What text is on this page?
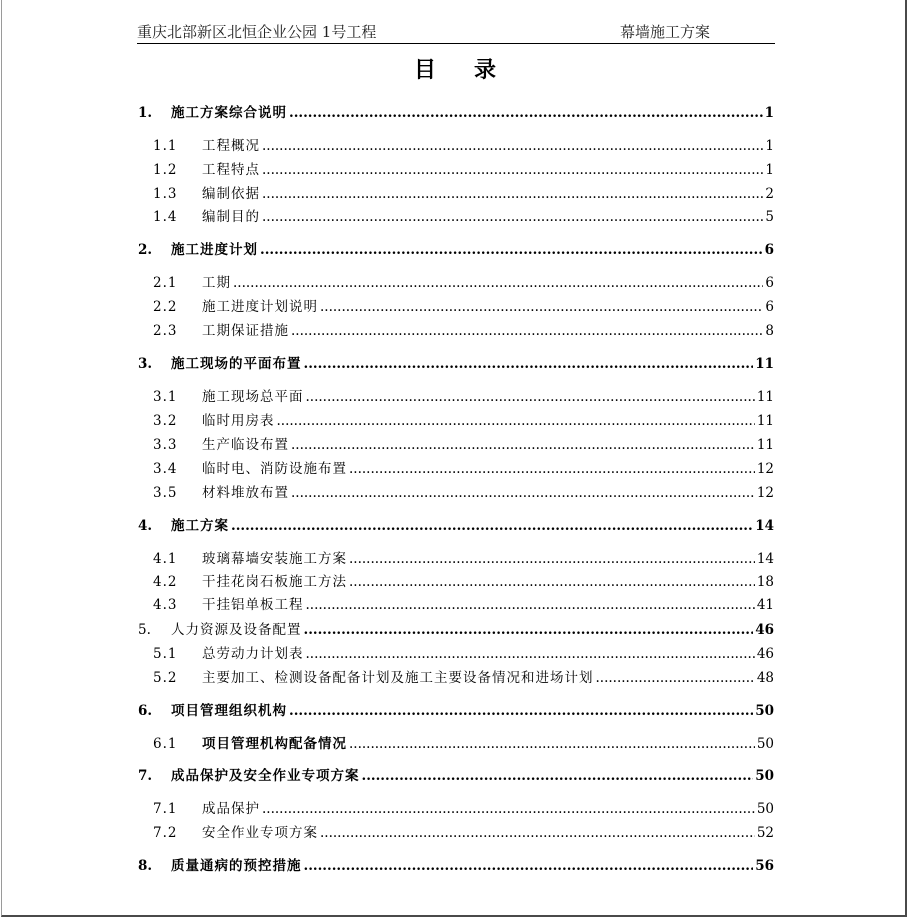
重庆北部新区北恒企业公园 1号工程	幕墙施工方案
目 录
1.	施工方案综合说明 .....	1
1.1	工程概况 .....	1
1.2	工程特点 .....	1
1.3	编制依据 .....	2
1.4	编制目的 .....	5
2.	施工进度计划 .....	6
2.1	工期 .....	6
2.2	施工进度计划说明 .....	6
2.3	工期保证措施 .....	8
3.	施工现场的平面布置 .....	11
3.1	施工现场总平面 .....	11
3.2	临时用房表 .....	11
3.3	生产临设布置 .....	11
3.4	临时电、消防设施布置 .....	12
3.5	材料堆放布置 .....	12
4.	施工方案 .....	14
4.1	玻璃幕墙安装施工方案 .....	14
4.2	干挂花岗石板施工方法 .....	18
4.3	干挂铝单板工程 .....	41
5.	人力资源及设备配置 .....	46
5.1	总劳动力计划表 .....	46
5.2	主要加工、检测设备配备计划及施工主要设备情况和进场计划 .....	48
6.	项目管理组织机构 .....	50
6.1	项目管理机构配备情况 .....	50
7.	成品保护及安全作业专项方案 .....	50
7.1	成品保护 .....	50
7.2	安全作业专项方案 .....	52
8.	质量通病的预控措施 .....	56
